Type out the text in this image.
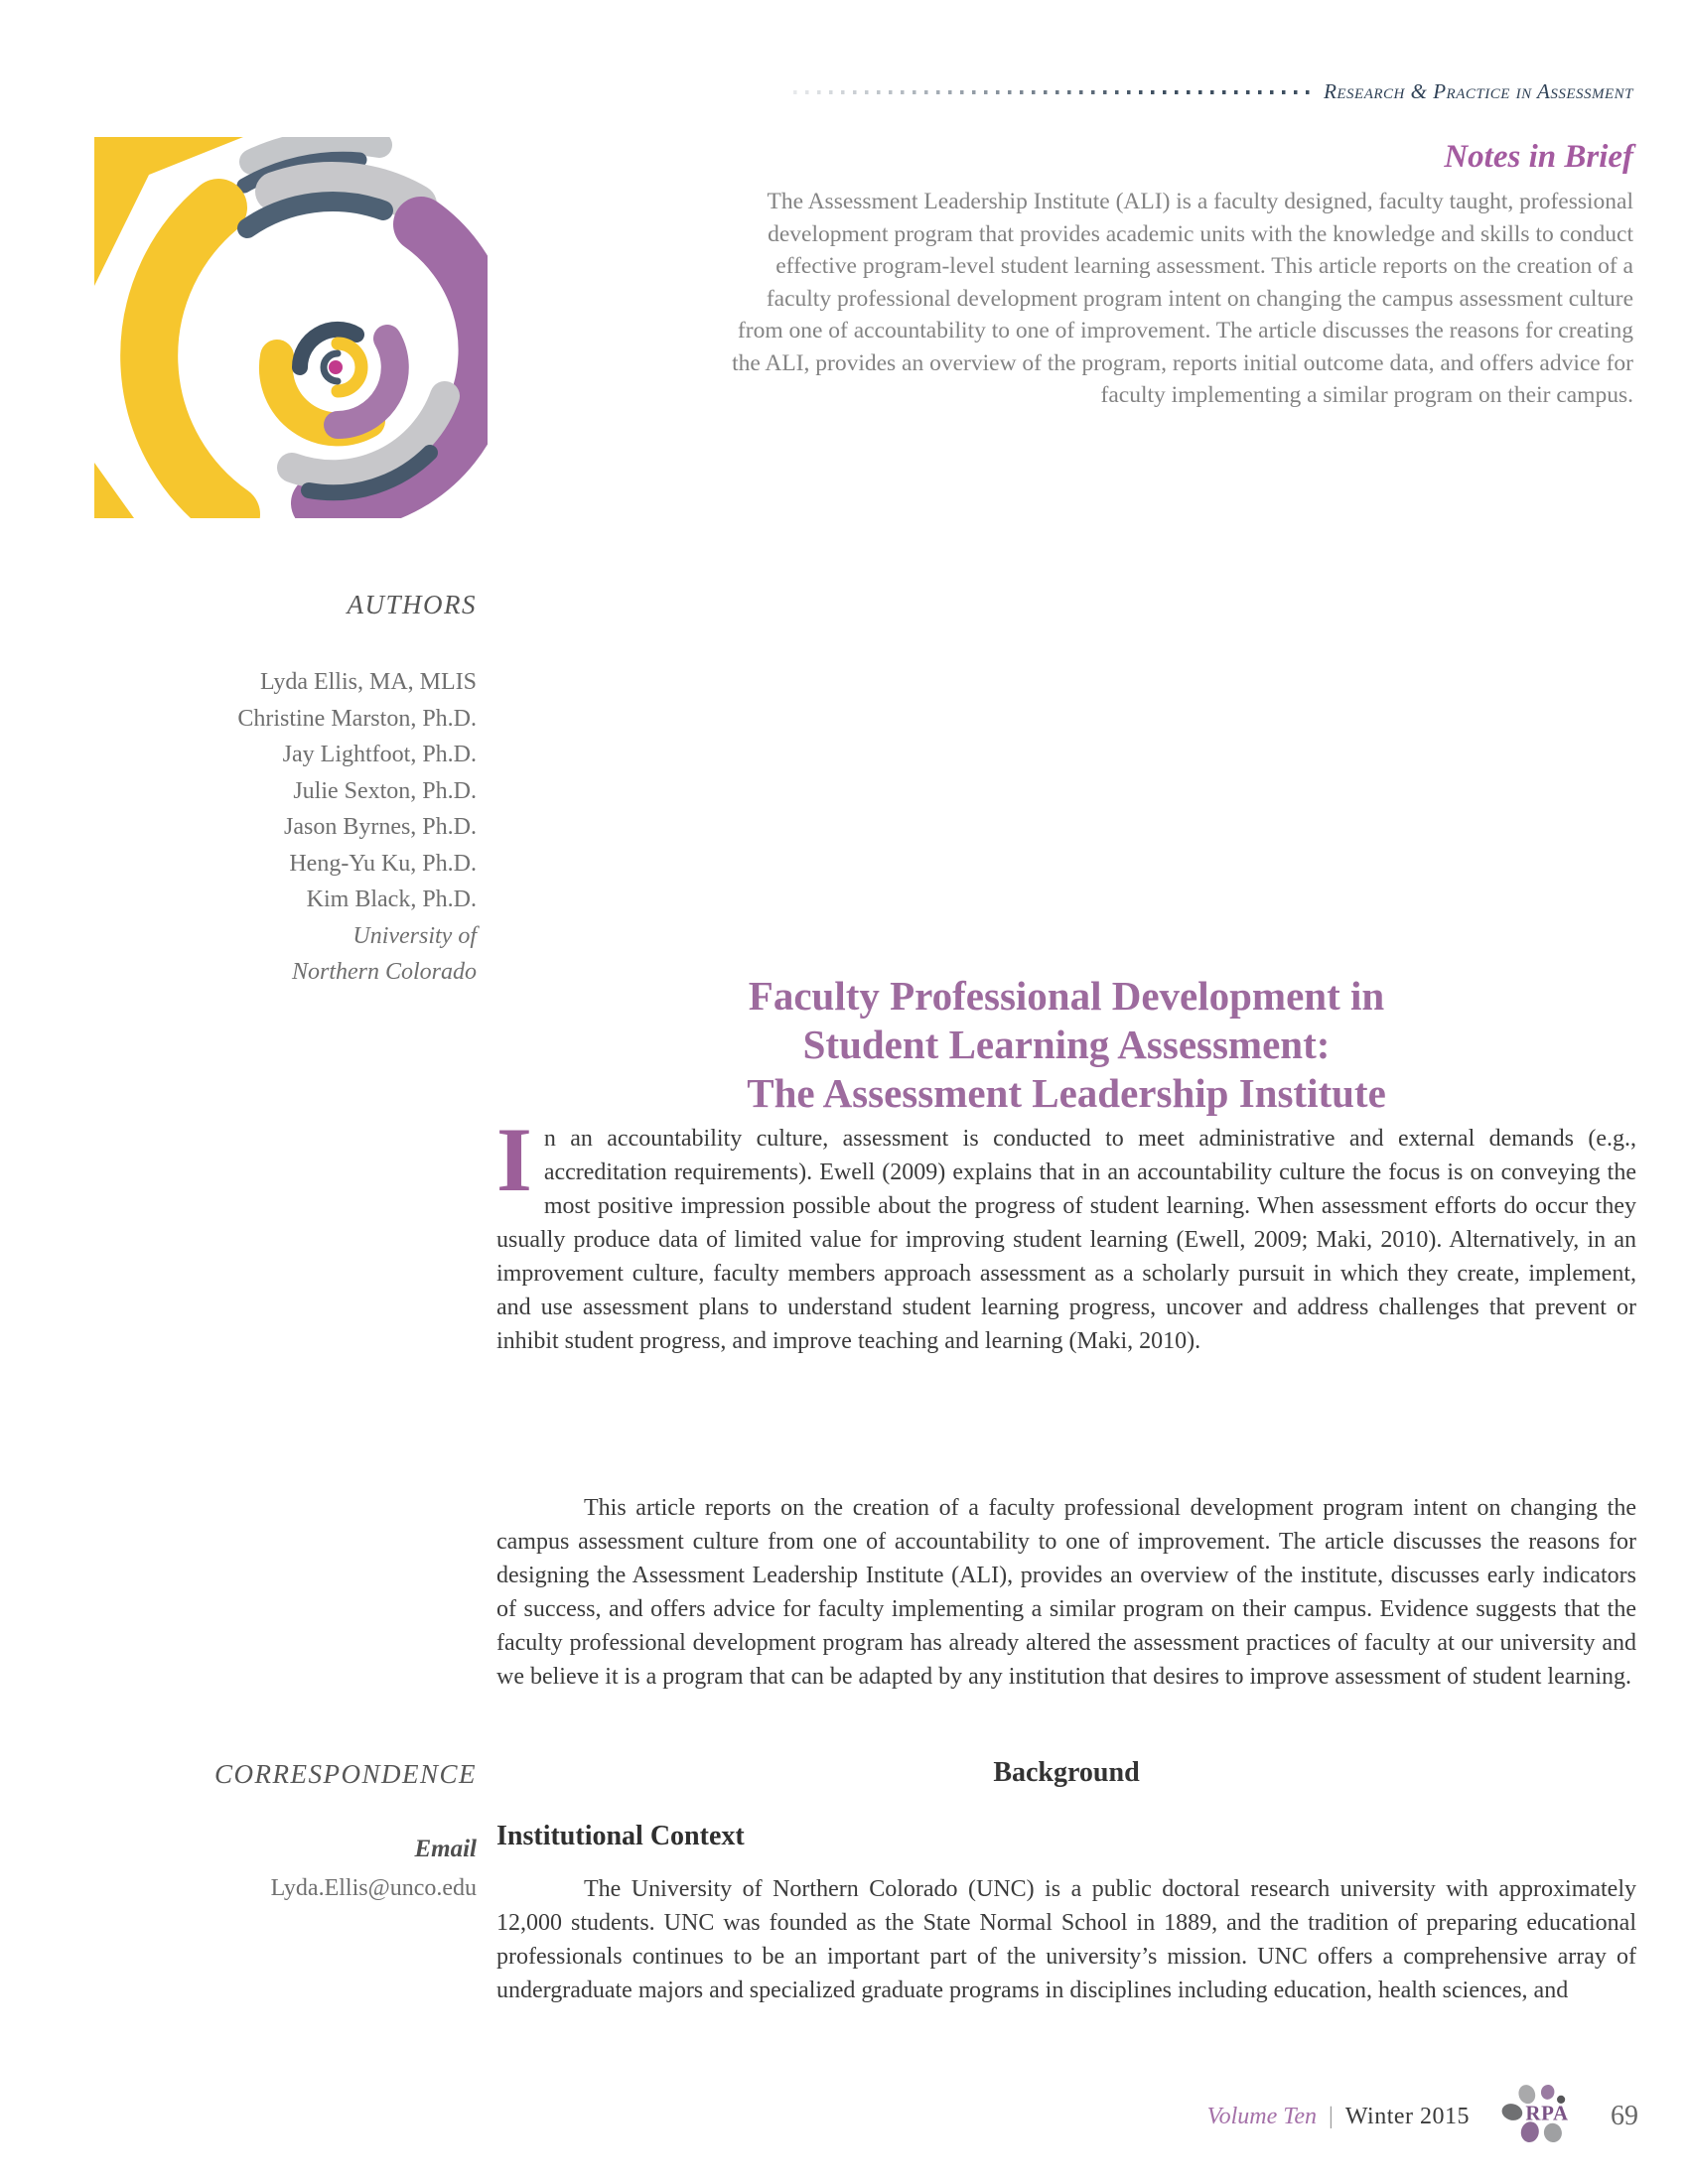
Research & Practice in Assessment
Notes in Brief

The Assessment Leadership Institute (ALI) is a faculty designed, faculty taught, professional development program that provides academic units with the knowledge and skills to conduct effective program-level student learning assessment. This article reports on the creation of a faculty professional development program intent on changing the campus assessment culture from one of accountability to one of improvement. The article discusses the reasons for creating the ALI, provides an overview of the program, reports initial outcome data, and offers advice for faculty implementing a similar program on their campus.

AUTHORS
Lyda Ellis, MA, MLIS
Christine Marston, Ph.D.
Jay Lightfoot, Ph.D.
Julie Sexton, Ph.D.
Jason Byrnes, Ph.D.
Heng-Yu Ku, Ph.D.
Kim Black, Ph.D.
University of
Northern Colorado
CORRESPONDENCE
Email
Lyda.Ellis@unco.edu
Faculty Professional Development in
Student Learning Assessment:
The Assessment Leadership Institute

In an accountability culture, assessment is conducted to meet administrative and external demands (e.g., accreditation requirements). Ewell (2009) explains that in an accountability culture the focus is on conveying the most positive impression possible about the progress of student learning. When assessment efforts do occur they usually produce data of limited value for improving student learning (Ewell, 2009; Maki, 2010). Alternatively, in an improvement culture, faculty members approach assessment as a scholarly pursuit in which they create, implement, and use assessment plans to understand student learning progress, uncover and address challenges that prevent or inhibit student progress, and improve teaching and learning (Maki, 2010).

This article reports on the creation of a faculty professional development program intent on changing the campus assessment culture from one of accountability to one of improvement. The article discusses the reasons for designing the Assessment Leadership Institute (ALI), provides an overview of the institute, discusses early indicators of success, and offers advice for faculty implementing a similar program on their campus. Evidence suggests that the faculty professional development program has already altered the assessment practices of faculty at our university and we believe it is a program that can be adapted by any institution that desires to improve assessment of student learning.

Background
Institutional Context

The University of Northern Colorado (UNC) is a public doctoral research university with approximately 12,000 students. UNC was founded as the State Normal School in 1889, and the tradition of preparing educational professionals continues to be an important part of the university’s mission. UNC offers a comprehensive array of undergraduate majors and specialized graduate programs in disciplines including education, health sciences, and

Volume Ten | Winter 2015 RPA 69
